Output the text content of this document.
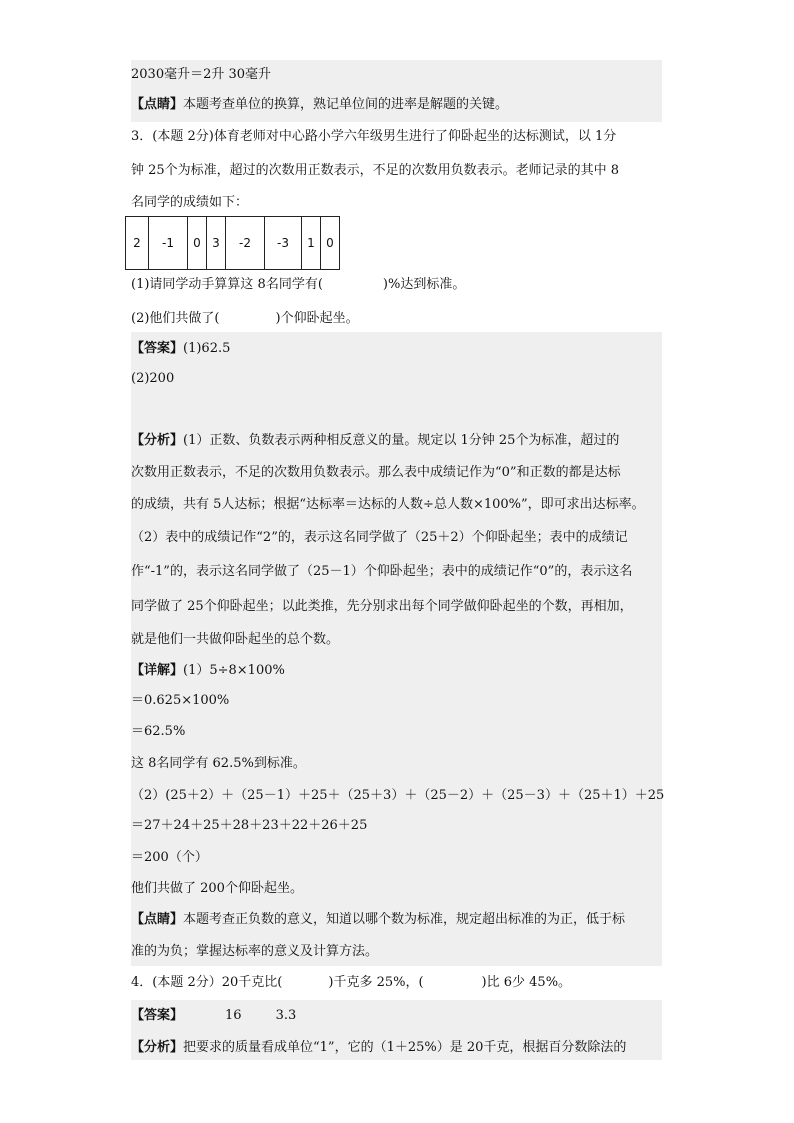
2030毫升＝2升 30毫升
【点睛】本题考查单位的换算，熟记单位间的进率是解题的关键。
3．(本题 2分)体育老师对中心路小学六年级男生进行了仰卧起坐的达标测试，以 1分
钟 25个为标准，超过的次数用正数表示，不足的次数用负数表示。老师记录的其中 8
名同学的成绩如下：
2	-1	0	3	-2	-3	1	0
(1)请同学动手算算这 8名同学有(	)%达到标准。
(2)他们共做了(	)个仰卧起坐。
【答案】(1)62.5
(2)200
【分析】(1）正数、负数表示两种相反意义的量。规定以 1分钟 25个为标准，超过的
次数用正数表示，不足的次数用负数表示。那么表中成绩记作为“0”和正数的都是达标
的成绩，共有 5人达标；根据“达标率＝达标的人数÷总人数×100%”，即可求出达标率。
（2）表中的成绩记作“2”的，表示这名同学做了（25＋2）个仰卧起坐；表中的成绩记
作“-1”的，表示这名同学做了（25－1）个仰卧起坐；表中的成绩记作“0”的，表示这名
同学做了 25个仰卧起坐；以此类推，先分别求出每个同学做仰卧起坐的个数，再相加，
就是他们一共做仰卧起坐的总个数。
【详解】(1）5÷8×100%
＝0.625×100%
＝62.5%
这 8名同学有 62.5%到标准。
（2）(25＋2）＋（25－1）＋25＋（25＋3）＋（25－2）＋（25－3）＋（25＋1）＋25
＝27＋24＋25＋28＋23＋22＋26＋25
＝200（个）
他们共做了 200个仰卧起坐。
【点睛】本题考查正负数的意义，知道以哪个数为标准，规定超出标准的为正，低于标
准的为负；掌握达标率的意义及计算方法。
4．(本题 2分）20千克比(	)千克多 25%，(	)比 6少 45%。
【答案】	16	3.3
【分析】把要求的质量看成单位“1”，它的（1＋25%）是 20千克，根据百分数除法的
